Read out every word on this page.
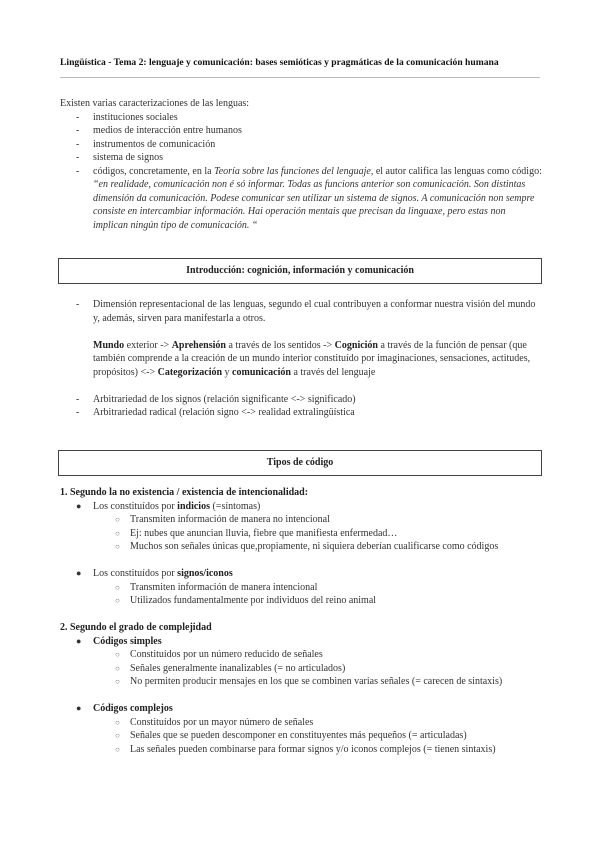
Lingüística - Tema 2: lenguaje y comunicación: bases semióticas y pragmáticas de la comunicación humana
Existen varias caracterizaciones de las lenguas:
- instituciones sociales
- medios de interacción entre humanos
- instrumentos de comunicación
- sistema de signos
- códigos, concretamente, en la Teoría sobre las funciones del lenguaje, el autor califica las lenguas como código: “en realidade, comunicación non é só informar. Todas as funcions anterior son comunicación. Son distintas dimensión da comunicación. Podese comunicar sen utilizar un sistema de signos. A comunicación non sempre consiste en intercambiar información. Hai operación mentais que precisan da linguaxe, pero estas non implican ningún tipo de comunicación. “
Introducción: cognición, información y comunicación
- Dimensión representacional de las lenguas, segundo el cual contribuyen a conformar nuestra visión del mundo y, además, sirven para manifestarla a otros.
Mundo exterior -> Aprehensión a través de los sentidos -> Cognición a través de la función de pensar (que también comprende a la creación de un mundo interior constituído por imaginaciones, sensaciones, actitudes, propósitos) <-> Categorización y comunicación a través del lenguaje
- Arbitrariedad de los signos (relación significante <-> significado)
- Arbitrariedad radical (relación signo <-> realidad extralingüística
Tipos de código
1. Segundo la no existencia / existencia de intencionalidad:
● Los constituídos por indicios (=síntomas)
○ Transmiten información de manera no intencional
○ Ej: nubes que anuncian lluvia, fiebre que manifiesta enfermedad…
○ Muchos son señales únicas que,propiamente, ni siquiera deberían cualificarse como códigos
● Los constituídos por signos/iconos
○ Transmiten información de manera intencional
○ Utilizados fundamentalmente por individuos del reino animal
2. Segundo el grado de complejidad
● Códigos simples
○ Constituídos por un número reducido de señales
○ Señales generalmente inanalizables (= no articulados)
○ No permiten producir mensajes en los que se combinen varias señales (= carecen de sintaxis)
● Códigos complejos
○ Constituídos por un mayor número de señales
○ Señales que se pueden descomponer en constituyentes más pequeños (= articuladas)
○ Las señales pueden combinarse para formar signos y/o iconos complejos (= tienen sintaxis)
